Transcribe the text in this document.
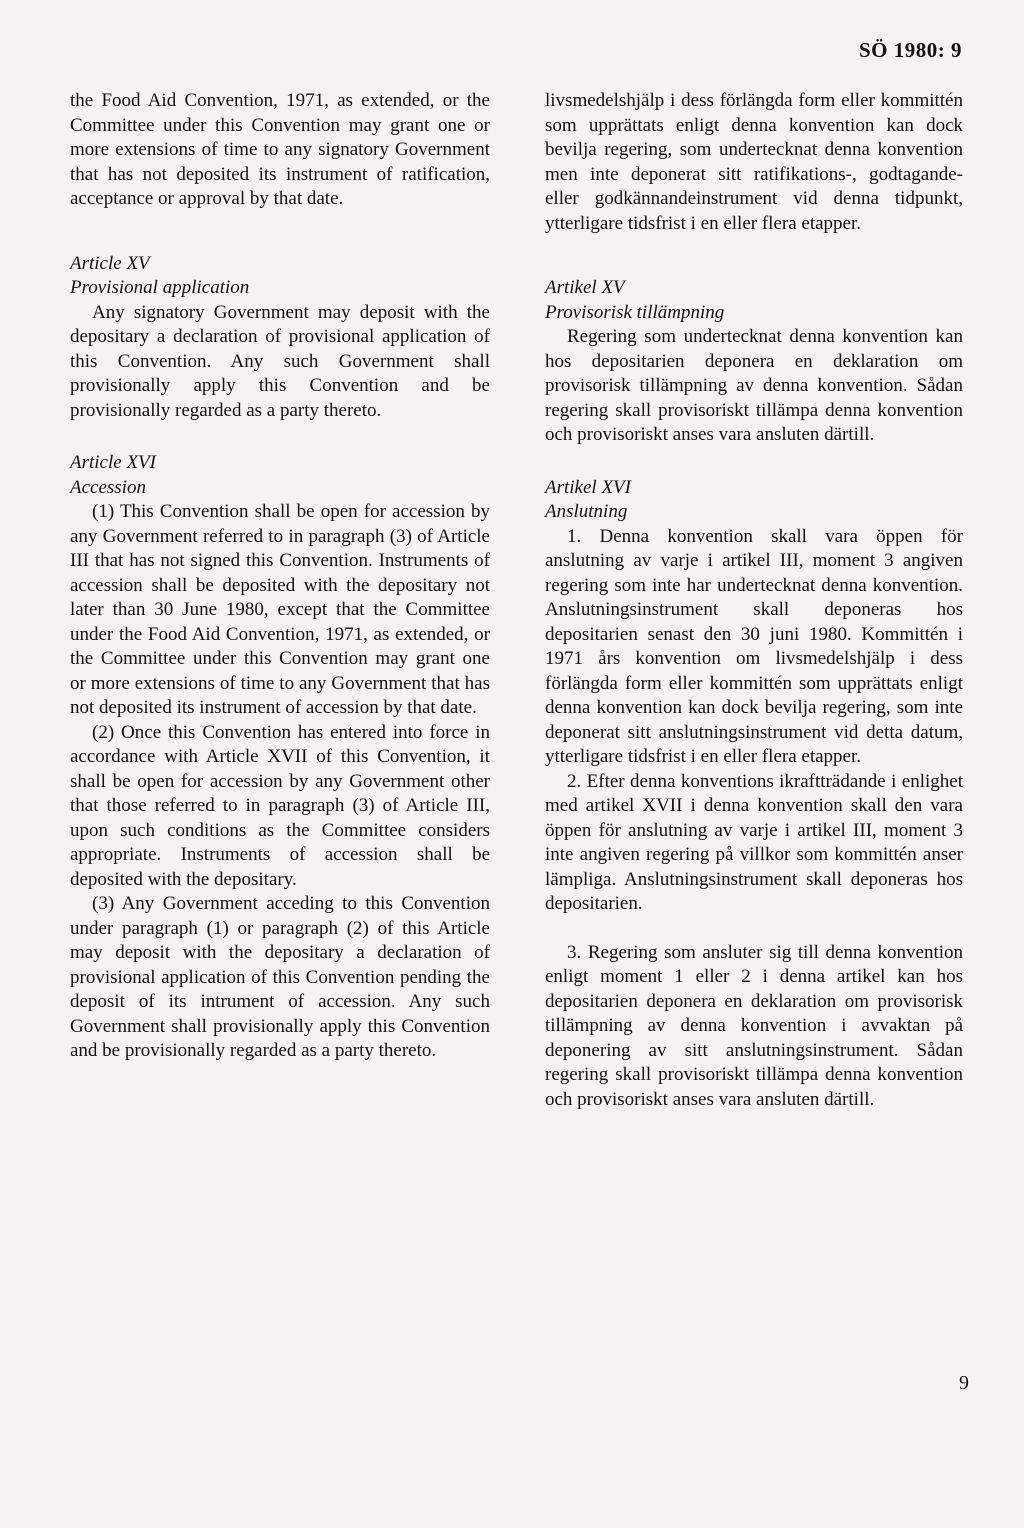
SÖ 1980: 9

the Food Aid Convention, 1971, as extended, or the Committee under this Convention may grant one or more extensions of time to any signatory Government that has not deposited its instrument of ratification, acceptance or approval by that date.

Article XV

Provisional application

Any signatory Government may deposit with the depositary a declaration of provisional application of this Convention. Any such Government shall provisionally apply this Convention and be provisionally regarded as a party thereto.

Article XVI

Accession

(1) This Convention shall be open for accession by any Government referred to in paragraph (3) of Article III that has not signed this Convention. Instruments of accession shall be deposited with the depositary not later than 30 June 1980, except that the Committee under the Food Aid Convention, 1971, as extended, or the Committee under this Convention may grant one or more extensions of time to any Government that has not deposited its instrument of accession by that date.

(2) Once this Convention has entered into force in accordance with Article XVII of this Convention, it shall be open for accession by any Government other that those referred to in paragraph (3) of Article III, upon such conditions as the Committee considers appropriate. Instruments of accession shall be deposited with the depositary.

(3) Any Government acceding to this Convention under paragraph (1) or paragraph (2) of this Article may deposit with the depositary a declaration of provisional application of this Convention pending the deposit of its intrument of accession. Any such Government shall provisionally apply this Convention and be provisionally regarded as a party thereto.

livsmedelshjälp i dess förlängda form eller kommittén som upprättats enligt denna konvention kan dock bevilja regering, som undertecknat denna konvention men inte deponerat sitt ratifikations-, godtagande- eller godkännandeinstrument vid denna tidpunkt, ytterligare tidsfrist i en eller flera etapper.

Artikel XV

Provisorisk tillämpning

Regering som undertecknat denna konvention kan hos depositarien deponera en deklaration om provisorisk tillämpning av denna konvention. Sådan regering skall provisoriskt tillämpa denna konvention och provisoriskt anses vara ansluten därtill.

Artikel XVI

Anslutning

1. Denna konvention skall vara öppen för anslutning av varje i artikel III, moment 3 angiven regering som inte har undertecknat denna konvention. Anslutningsinstrument skall deponeras hos depositarien senast den 30 juni 1980. Kommittén i 1971 års konvention om livsmedelshjälp i dess förlängda form eller kommittén som upprättats enligt denna konvention kan dock bevilja regering, som inte deponerat sitt anslutningsinstrument vid detta datum, ytterligare tidsfrist i en eller flera etapper.

2. Efter denna konventions ikraftträdande i enlighet med artikel XVII i denna konvention skall den vara öppen för anslutning av varje i artikel III, moment 3 inte angiven regering på villkor som kommittén anser lämpliga. Anslutningsinstrument skall deponeras hos depositarien.

3. Regering som ansluter sig till denna konvention enligt moment 1 eller 2 i denna artikel kan hos depositarien deponera en deklaration om provisorisk tillämpning av denna konvention i avvaktan på deponering av sitt anslutningsinstrument. Sådan regering skall provisoriskt tillämpa denna konvention och provisoriskt anses vara ansluten därtill.

9
